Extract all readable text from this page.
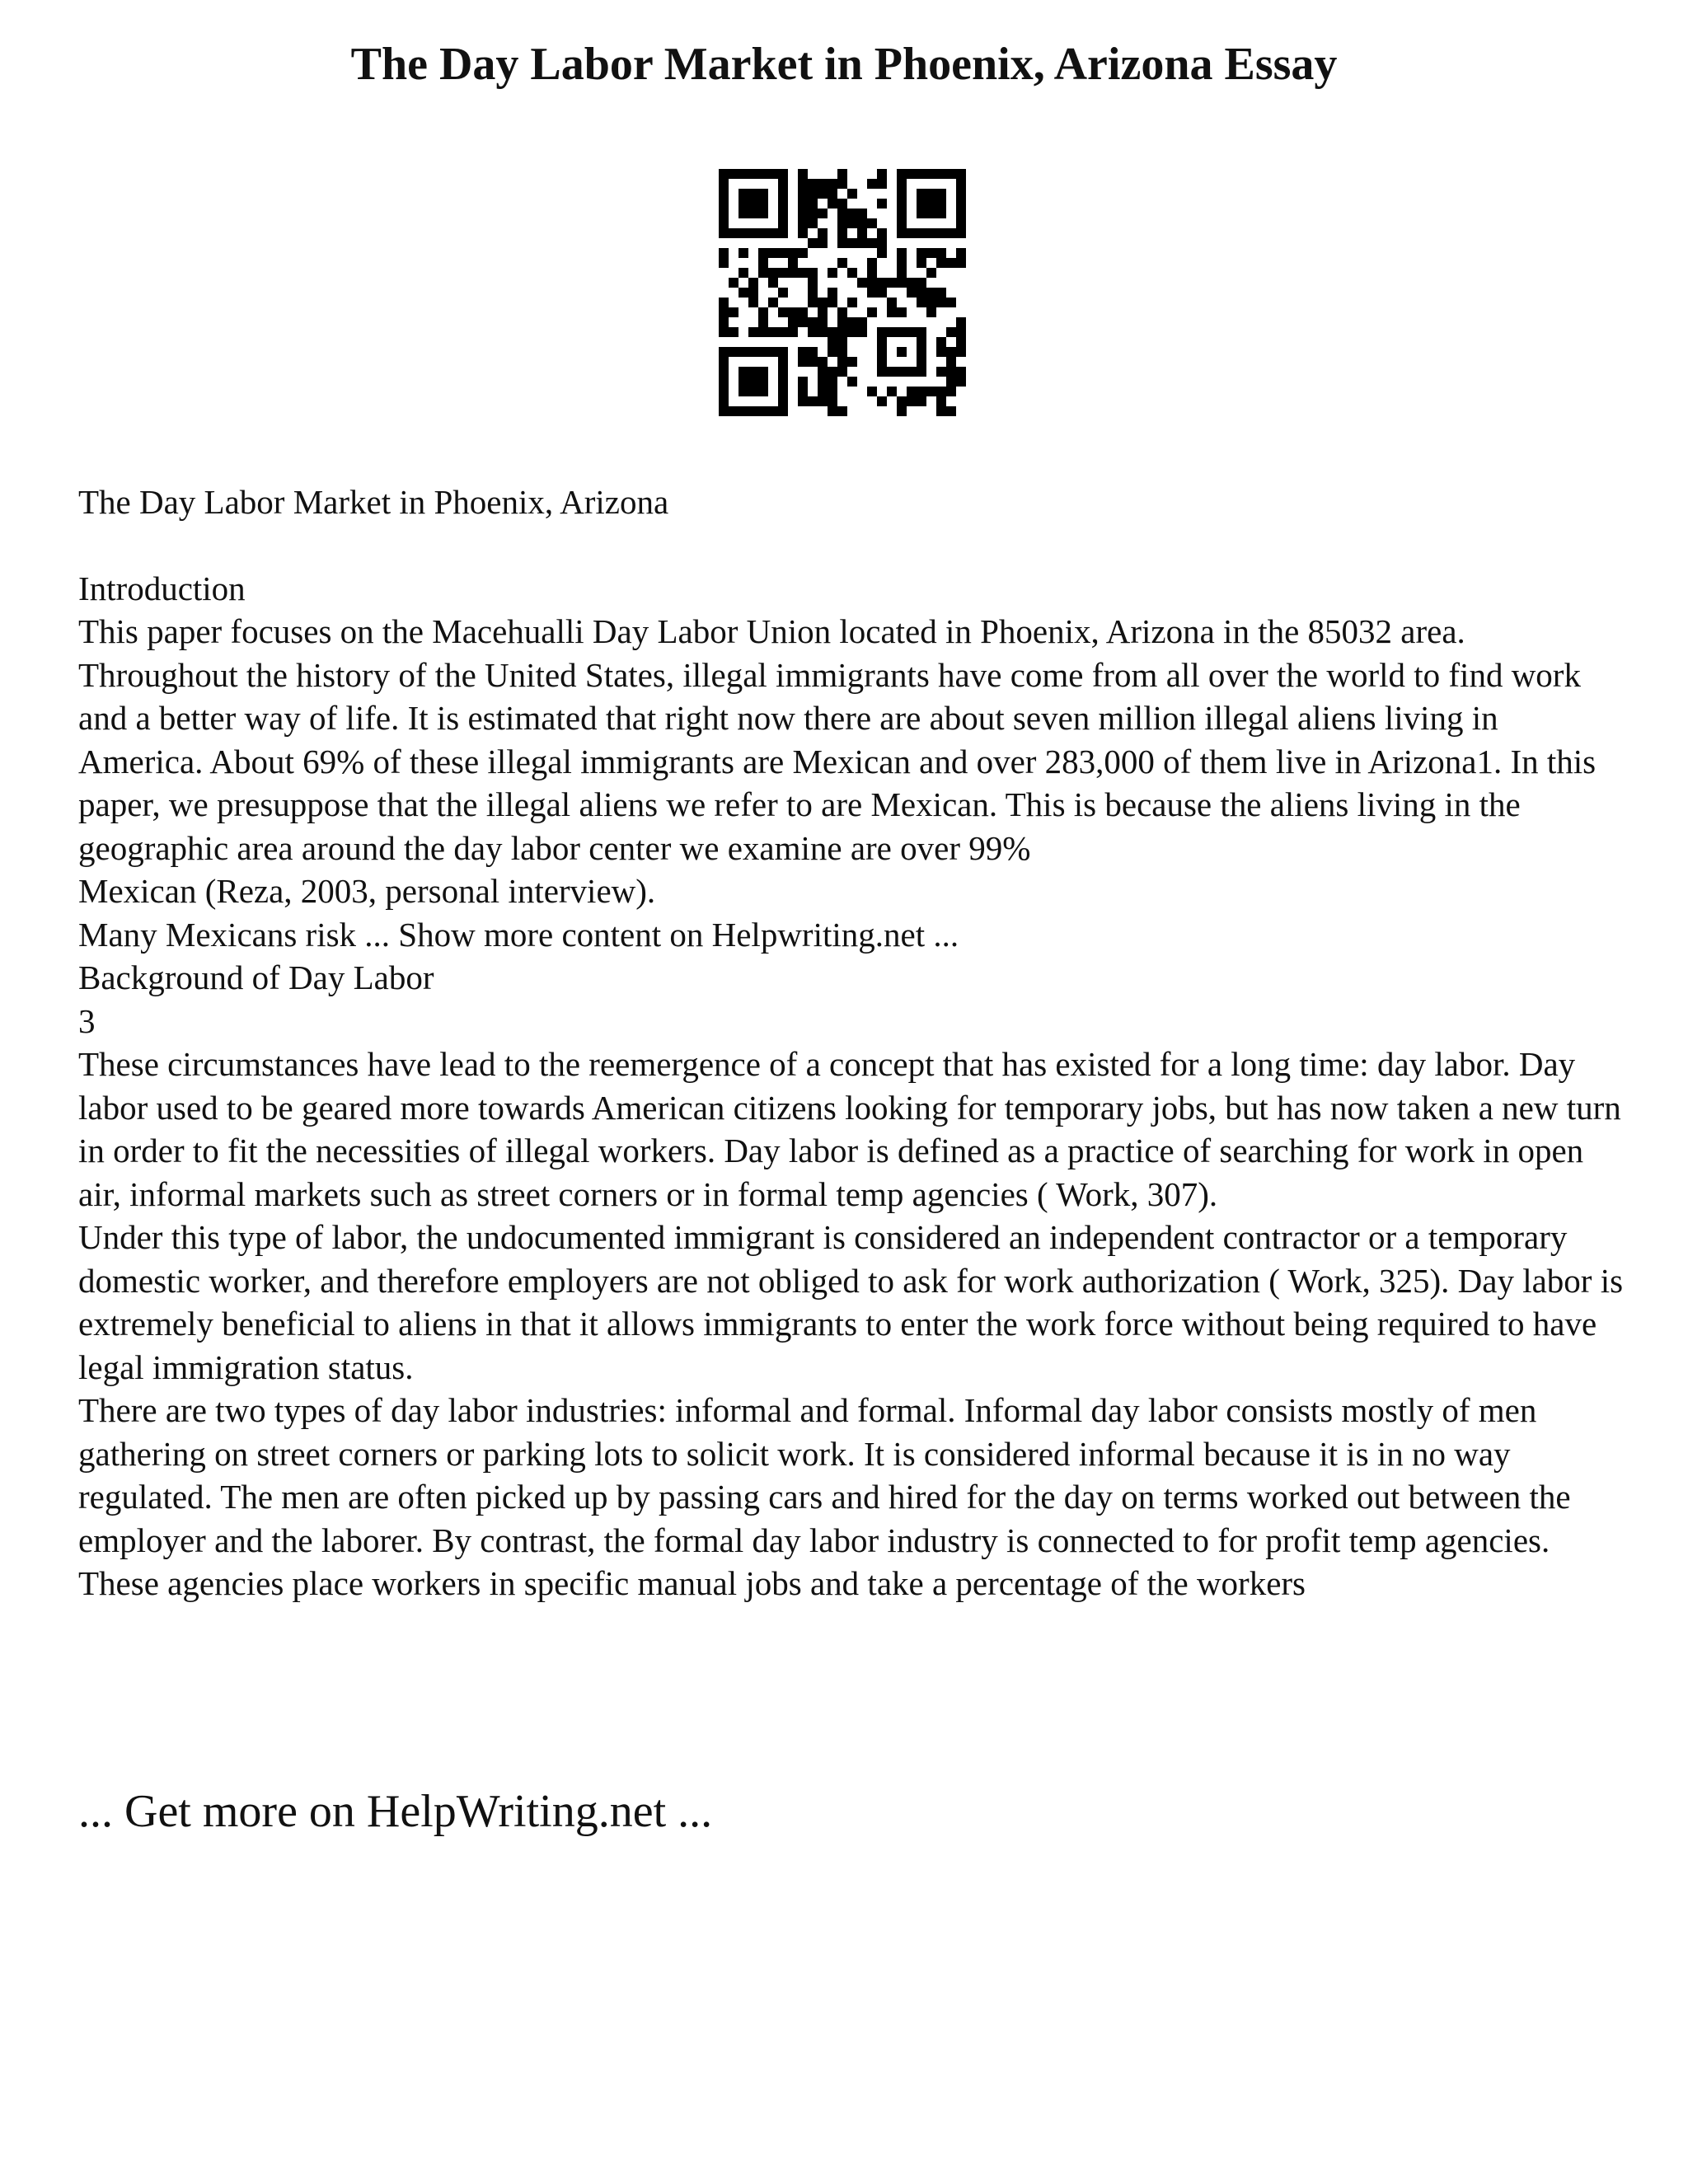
The Day Labor Market in Phoenix, Arizona Essay

The Day Labor Market in Phoenix, Arizona

Introduction

This paper focuses on the Macehualli Day Labor Union located in Phoenix, Arizona in the 85032 area. Throughout the history of the United States, illegal immigrants have come from all over the world to find work and a better way of life. It is estimated that right now there are about seven million illegal aliens living in America. About 69% of these illegal immigrants are Mexican and over 283,000 of them live in Arizona1. In this paper, we presuppose that the illegal aliens we refer to are Mexican. This is because the aliens living in the geographic area around the day labor center we examine are over 99%

Mexican (Reza, 2003, personal interview).

Many Mexicans risk ... Show more content on Helpwriting.net ...

Background of Day Labor

3

These circumstances have lead to the reemergence of a concept that has existed for a long time: day labor. Day labor used to be geared more towards American citizens looking for temporary jobs, but has now taken a new turn in order to fit the necessities of illegal workers. Day labor is defined as a practice of searching for work in open air, informal markets such as street corners or in formal temp agencies ( Work, 307).

Under this type of labor, the undocumented immigrant is considered an independent contractor or a temporary domestic worker, and therefore employers are not obliged to ask for work authorization ( Work, 325). Day labor is extremely beneficial to aliens in that it allows immigrants to enter the work force without being required to have legal immigration status.

There are two types of day labor industries: informal and formal. Informal day labor consists mostly of men gathering on street corners or parking lots to solicit work. It is considered informal because it is in no way regulated. The men are often picked up by passing cars and hired for the day on terms worked out between the employer and the laborer. By contrast, the formal day labor industry is connected to for profit temp agencies. These agencies place workers in specific manual jobs and take a percentage of the workers

... Get more on HelpWriting.net ...
